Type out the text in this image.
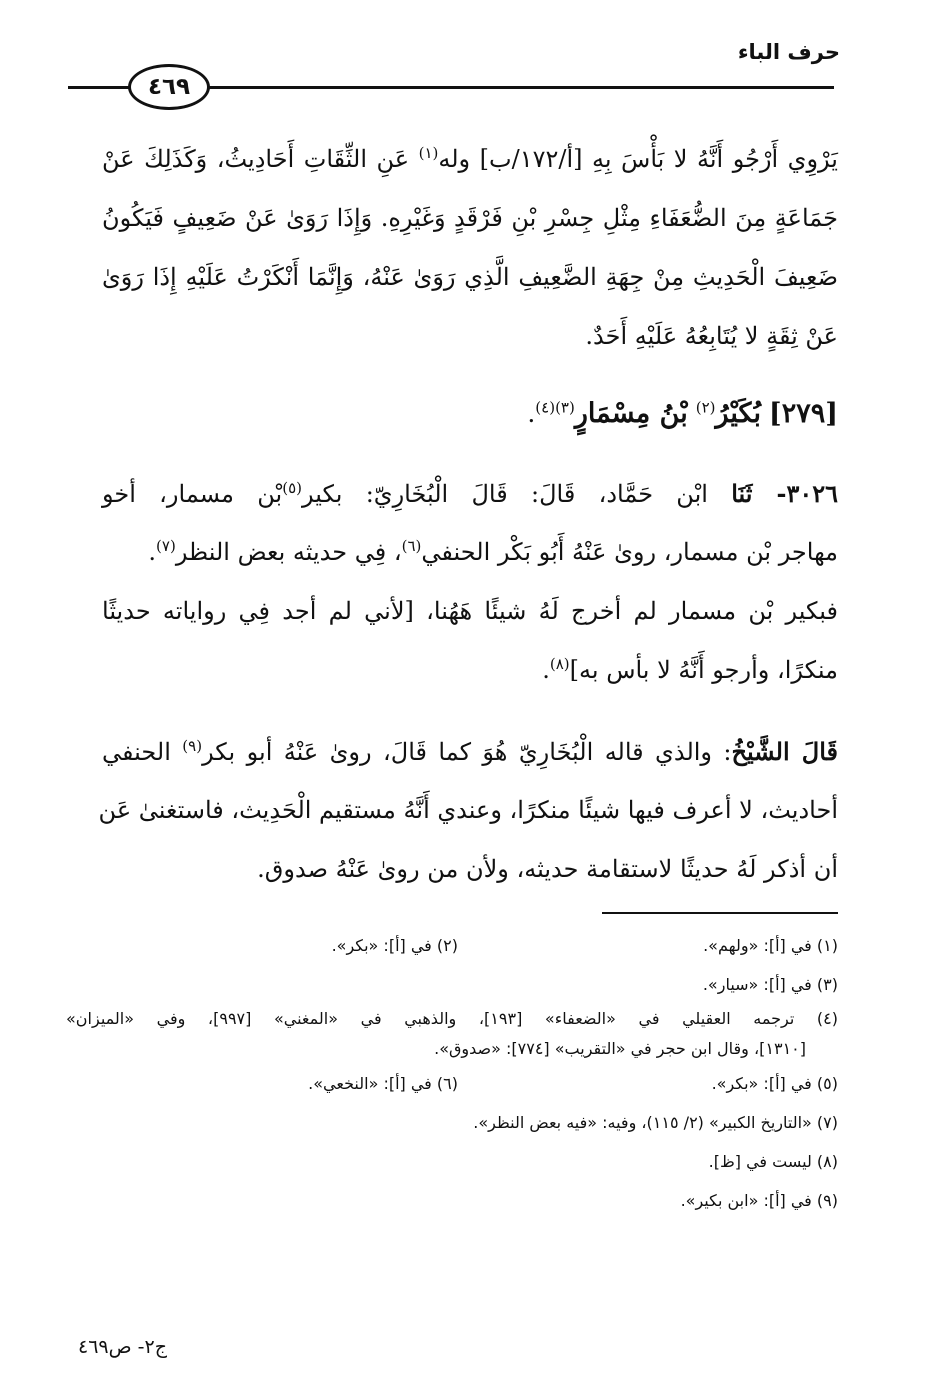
حرف الباء
٤٦٩
يَرْوِي أَرْجُو أَنَّهُ لا بَأْسَ بِهِ [أ/١٧٢/ب] وله$^{(١)}$ عَنِ الثِّقَاتِ أَحَادِيثُ، وَكَذَلِكَ عَنْ
جَمَاعَةٍ مِنَ الضُّعَفَاءِ مِثْلِ جِسْرِ بْنِ فَرْقَدٍ وَغَيْرِهِ. وَإِذَا رَوَىٰ عَنْ ضَعِيفٍ فَيَكُونُ
ضَعِيفَ الْحَدِيثِ مِنْ جِهَةِ الضَّعِيفِ الَّذِي رَوَىٰ عَنْهُ، وَإِنَّمَا أَنْكَرْتُ عَلَيْهِ إِذَا رَوَىٰ
عَنْ ثِقَةٍ لا يُتَابِعُهُ عَلَيْهِ أَحَدٌ.
[٢٧٩] بُكَيْرُ$^{(٢)}$ بْنُ مِسْمَارٍ$^{(٣)(٤)}$.
٣٠٢٦- ثَنَا ابْن حَمَّاد، قَالَ: قَالَ الْبُخَارِيّ: بكير$^{(٥)}$بْن مسمار، أخو
مهاجر بْن مسمار، روىٰ عَنْهُ أَبُو بَكْر الحنفي$^{(٦)}$، فِي حديثه بعض النظر$^{(٧)}$.
فبكير بْن مسمار لم أخرج لَهُ شيئًا هَهُنا، [لأني لم أجد فِي رواياته حديثًا
منكرًا، وأرجو أَنَّهُ لا بأس به]$^{(٨)}$.
قَالَ الشَّيْخُ: والذي قاله الْبُخَارِيّ هُوَ كما قَالَ، روىٰ عَنْهُ أبو بكر$^{(٩)}$ الحنفي
أحاديث، لا أعرف فيها شيئًا منكرًا، وعندي أَنَّهُ مستقيم الْحَدِيث، فاستغنىٰ عَن
أن أذكر لَهُ حديثًا لاستقامة حديثه، ولأن من روىٰ عَنْهُ صدوق.
(١) في [أ]: «ولهم».
(٢) في [أ]: «بكر».
(٣) في [أ]: «سيار».
(٤) ترجمه العقيلي في «الضعفاء» [١٩٣]، والذهبي في «المغني» [٩٩٧]، وفي «الميزان»
[١٣١٠]، وقال ابن حجر في «التقريب» [٧٧٤]: «صدوق».
(٥) في [أ]: «بكر».
(٦) في [أ]: «النخعي».
(٧) «التاريخ الكبير» (٢/ ١١٥)، وفيه: «فيه بعض النظر».
(٨) ليست في [ظ].
(٩) في [أ]: «ابن بكير».
ج٢- ص٤٦٩
